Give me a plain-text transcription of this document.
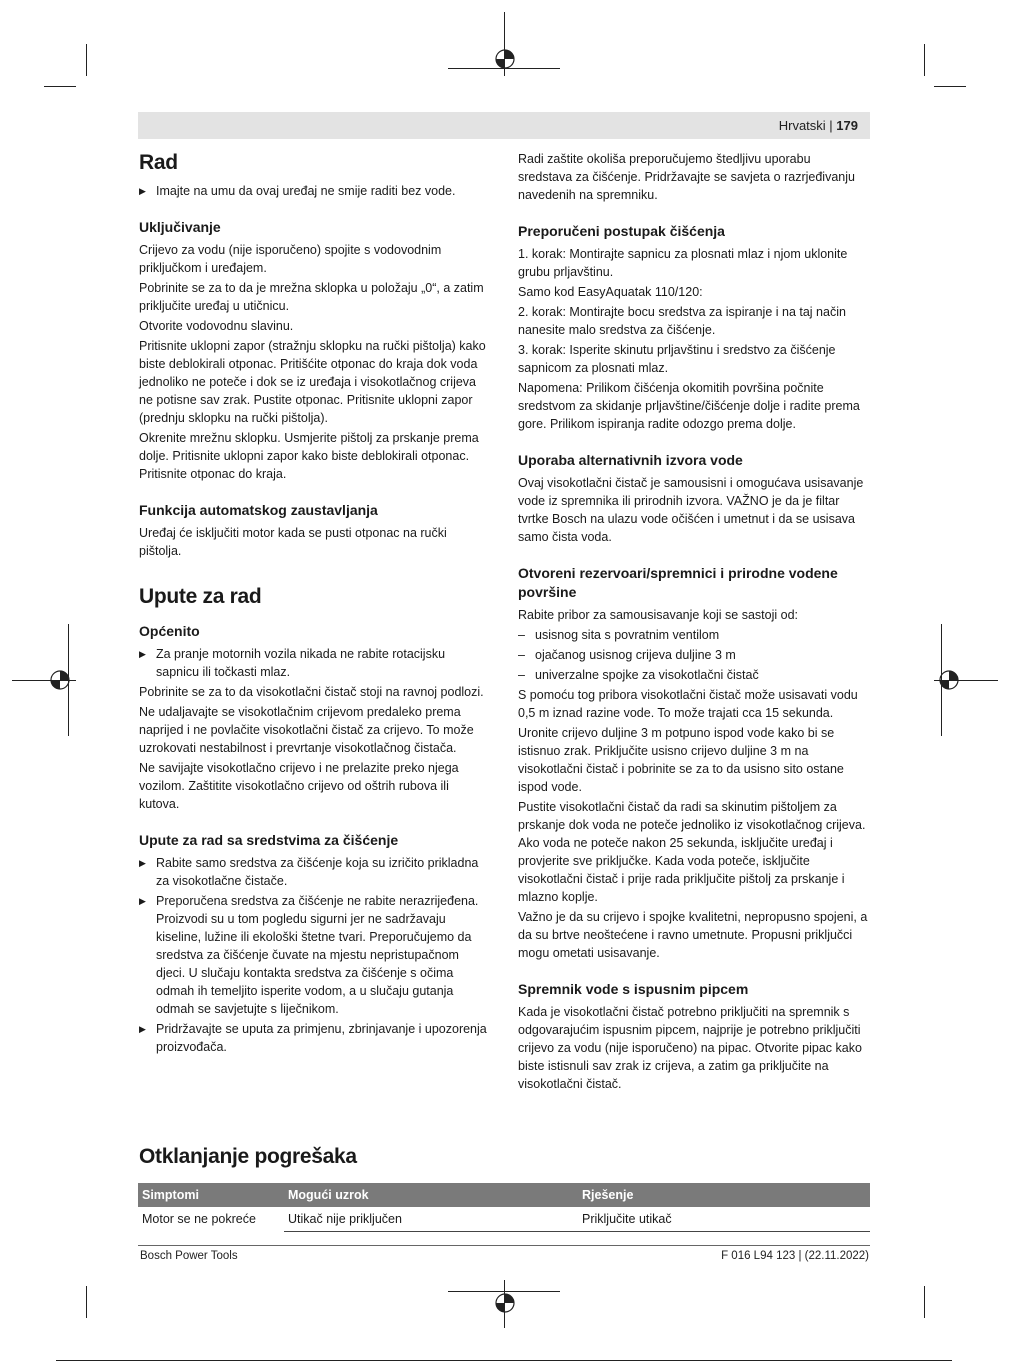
Hrvatski | 179
Rad

▶ Imajte na umu da ovaj uređaj ne smije raditi bez vode.

Uključivanje

Crijevo za vodu (nije isporučeno) spojite s vodovodnim priključkom i uređajem.

Pobrinite se za to da je mrežna sklopka u položaju „0“, a zatim priključite uređaj u utičnicu.

Otvorite vodovodnu slavinu.

Pritisnite uklopni zapor (stražnju sklopku na ručki pištolja) kako biste deblokirali otponac. Pritišćite otponac do kraja dok voda jednoliko ne poteče i dok se iz uređaja i visokotlačnog crijeva ne potisne sav zrak. Pustite otponac. Pritisnite uklopni zapor (prednju sklopku na ručki pištolja).

Okrenite mrežnu sklopku. Usmjerite pištolj za prskanje prema dolje. Pritisnite uklopni zapor kako biste deblokirali otponac. Pritisnite otponac do kraja.

Funkcija automatskog zaustavljanja

Uređaj će isključiti motor kada se pusti otponac na ručki pištolja.

Upute za rad
Općenito

▶ Za pranje motornih vozila nikada ne rabite rotacijsku sapnicu ili točkasti mlaz.

Pobrinite se za to da visokotlačni čistač stoji na ravnoj podlozi.

Ne udaljavajte se visokotlačnim crijevom predaleko prema naprijed i ne povlačite visokotlačni čistač za crijevo. To može uzrokovati nestabilnost i prevrtanje visokotlačnog čistača.

Ne savijajte visokotlačno crijevo i ne prelazite preko njega vozilom. Zaštitite visokotlačno crijevo od oštrih rubova ili kutova.

Upute za rad sa sredstvima za čišćenje

▶ Rabite samo sredstva za čišćenje koja su izričito prikladna za visokotlačne čistače.

▶ Preporučena sredstva za čišćenje ne rabite nerazrijeđena. Proizvodi su u tom pogledu sigurni jer ne sadržavaju kiseline, lužine ili ekološki štetne tvari. Preporučujemo da sredstva za čišćenje čuvate na mjestu nepristupačnom djeci. U slučaju kontakta sredstva za čišćenje s očima odmah ih temeljito isperite vodom, a u slučaju gutanja odmah se savjetujte s liječnikom.

▶ Pridržavajte se uputa za primjenu, zbrinjavanje i upozorenja proizvođača.

Radi zaštite okoliša preporučujemo štedljivu uporabu sredstava za čišćenje. Pridržavajte se savjeta o razrjeđivanju navedenih na spremniku.

Preporučeni postupak čišćenja

1. korak: Montirajte sapnicu za plosnati mlaz i njom uklonite grubu prljavštinu.

Samo kod EasyAquatak 110/120:

2. korak: Montirajte bocu sredstva za ispiranje i na taj način nanesite malo sredstva za čišćenje.

3. korak: Isperite skinutu prljavštinu i sredstvo za čišćenje sapnicom za plosnati mlaz.

Napomena: Prilikom čišćenja okomitih površina počnite sredstvom za skidanje prljavštine/čišćenje dolje i radite prema gore. Prilikom ispiranja radite odozgo prema dolje.

Uporaba alternativnih izvora vode

Ovaj visokotlačni čistač je samousisni i omogućava usisavanje vode iz spremnika ili prirodnih izvora. VAŽNO je da je filtar tvrtke Bosch na ulazu vode očišćen i umetnut i da se usisava samo čista voda.

Otvoreni rezervoari/spremnici i prirodne vodene površine

Rabite pribor za samousisavanje koji se sastoji od:

– usisnog sita s povratnim ventilom

– ojačanog usisnog crijeva duljine 3 m

– univerzalne spojke za visokotlačni čistač

S pomoću tog pribora visokotlačni čistač može usisavati vodu 0,5 m iznad razine vode. To može trajati cca 15 sekunda.

Uronite crijevo duljine 3 m potpuno ispod vode kako bi se istisnuo zrak. Priključite usisno crijevo duljine 3 m na visokotlačni čistač i pobrinite se za to da usisno sito ostane ispod vode.

Pustite visokotlačni čistač da radi sa skinutim pištoljem za prskanje dok voda ne poteče jednoliko iz visokotlačnog crijeva. Ako voda ne poteče nakon 25 sekunda, isključite uređaj i provjerite sve priključke. Kada voda poteče, isključite visokotlačni čistač i prije rada priključite pištolj za prskanje i mlazno koplje.

Važno je da su crijevo i spojke kvalitetni, nepropusno spojeni, a da su brtve neoštećene i ravno umetnute. Propusni priključci mogu ometati usisavanje.

Spremnik vode s ispusnim pipcem

Kada je visokotlačni čistač potrebno priključiti na spremnik s odgovarajućim ispusnim pipcem, najprije je potrebno priključiti crijevo za vodu (nije isporučeno) na pipac. Otvorite pipac kako biste istisnuli sav zrak iz crijeva, a zatim ga priključite na visokotlačni čistač.

Otklanjanje pogrešaka
Simptomi	Mogući uzrok	Rješenje
Motor se ne pokreće	Utikač nije priključen	Priključite utikač
Bosch Power Tools	F 016 L94 123 | (22.11.2022)
